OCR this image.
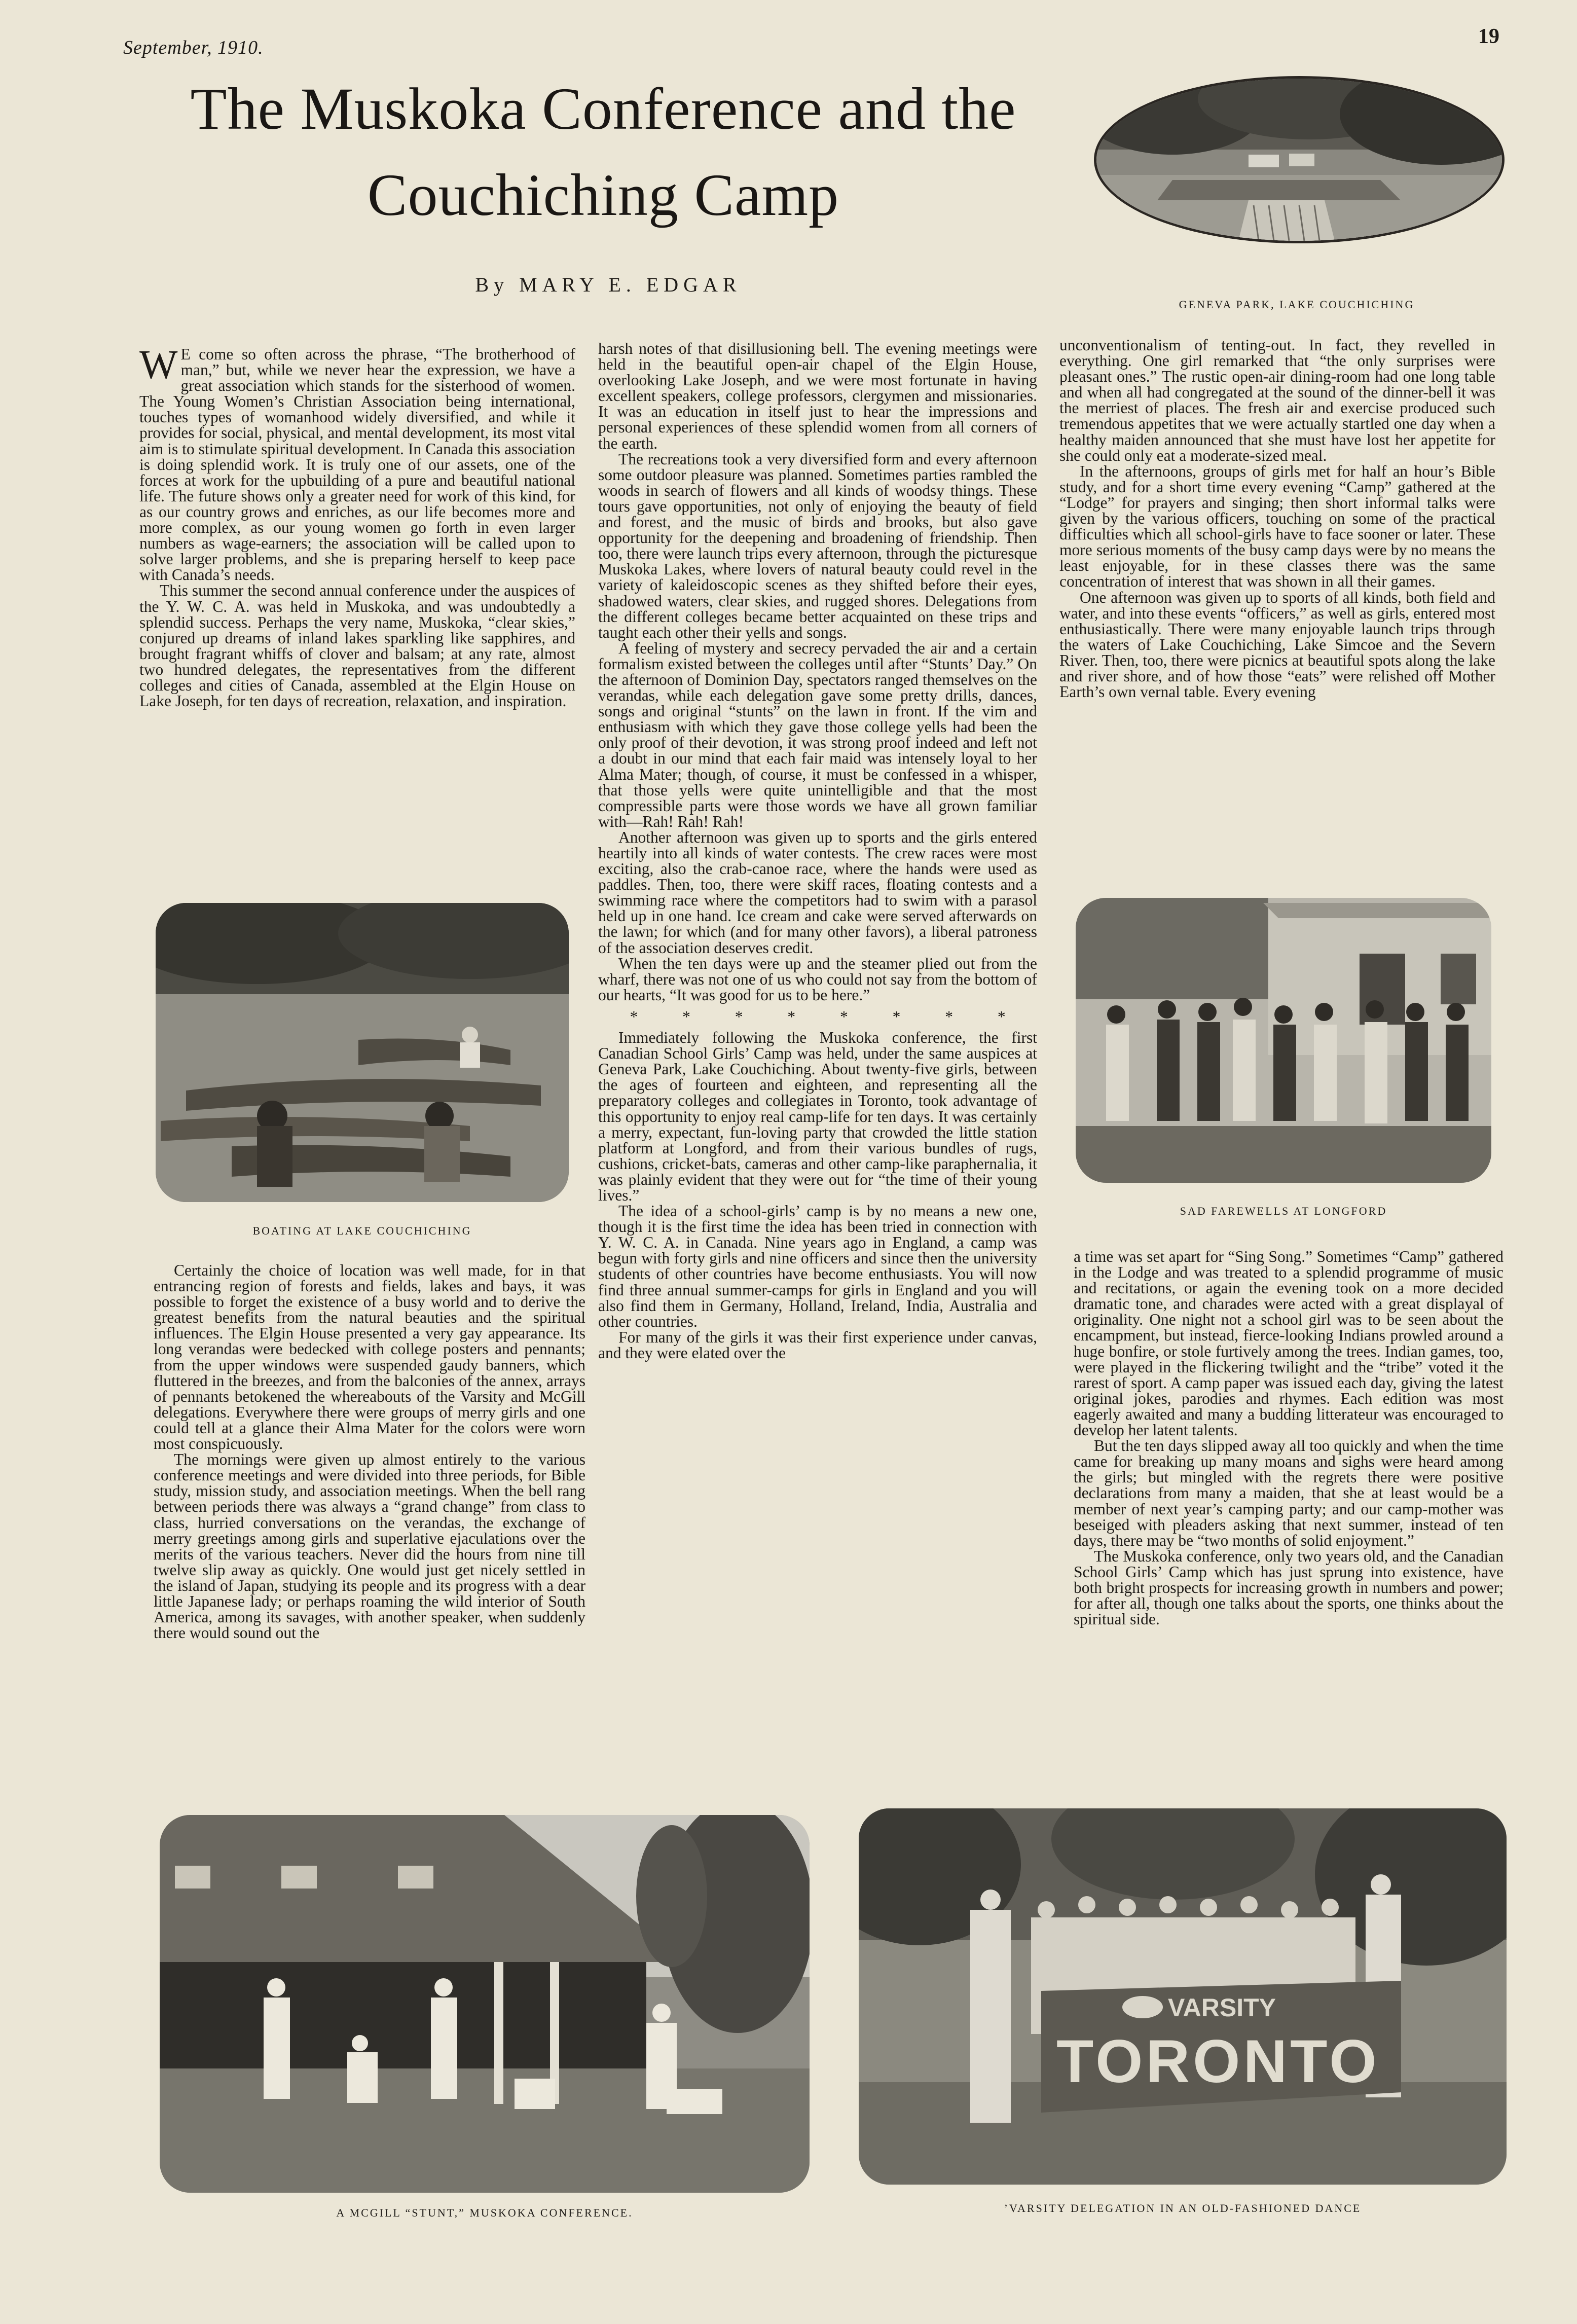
September, 1910.	19
The Muskoka Conference and the
Couchiching Camp
By MARY E. EDGAR
GENEVA PARK, LAKE COUCHICHING

W E come so often across the phrase, “The brotherhood of man,” but, while we never hear the expression, we have a great association which stands for the sisterhood of women. The Young Women’s Christian Association being international, touches types of womanhood widely diversified, and while it provides for social, physical, and mental development, its most vital aim is to stimulate spiritual development. In Canada this association is doing splendid work. It is truly one of our assets, one of the forces at work for the upbuilding of a pure and beautiful national life. The future shows only a greater need for work of this kind, for as our country grows and enriches, as our life becomes more and more complex, as our young women go forth in even larger numbers as wage-earners; the association will be called upon to solve larger problems, and she is preparing herself to keep pace with Canada’s needs.

This summer the second annual conference under the auspices of the Y. W. C. A. was held in Muskoka, and was undoubtedly a splendid success. Perhaps the very name, Muskoka, “clear skies,” conjured up dreams of inland lakes sparkling like sapphires, and brought fragrant whiffs of clover and balsam; at any rate, almost two hundred delegates, the representatives from the different colleges and cities of Canada, assembled at the Elgin House on Lake Joseph, for ten days of recreation, relaxation, and inspiration.

BOATING AT LAKE COUCHICHING

Certainly the choice of location was well made, for in that entrancing region of forests and fields, lakes and bays, it was possible to forget the existence of a busy world and to derive the greatest benefits from the natural beauties and the spiritual influences. The Elgin House presented a very gay appearance. Its long verandas were bedecked with college posters and pennants; from the upper windows were suspended gaudy banners, which fluttered in the breezes, and from the balconies of the annex, arrays of pennants betokened the whereabouts of the Varsity and McGill delegations. Everywhere there were groups of merry girls and one could tell at a glance their Alma Mater for the colors were worn most conspicuously.

The mornings were given up almost entirely to the various conference meetings and were divided into three periods, for Bible study, mission study, and association meetings. When the bell rang between periods there was always a “grand change” from class to class, hurried conversations on the verandas, the exchange of merry greetings among girls and superlative ejaculations over the merits of the various teachers. Never did the hours from nine till twelve slip away as quickly. One would just get nicely settled in the island of Japan, studying its people and its progress with a dear little Japanese lady; or perhaps roaming the wild interior of South America, among its savages, with another speaker, when suddenly there would sound out the

harsh notes of that disillusioning bell. The evening meetings were held in the beautiful open-air chapel of the Elgin House, overlooking Lake Joseph, and we were most fortunate in having excellent speakers, college professors, clergymen and missionaries. It was an education in itself just to hear the impressions and personal experiences of these splendid women from all corners of the earth.

The recreations took a very diversified form and every afternoon some outdoor pleasure was planned. Sometimes parties rambled the woods in search of flowers and all kinds of woodsy things. These tours gave opportunities, not only of enjoying the beauty of field and forest, and the music of birds and brooks, but also gave opportunity for the deepening and broadening of friendship. Then too, there were launch trips every afternoon, through the picturesque Muskoka Lakes, where lovers of natural beauty could revel in the variety of kaleidoscopic scenes as they shifted before their eyes, shadowed waters, clear skies, and rugged shores. Delegations from the different colleges became better acquainted on these trips and taught each other their yells and songs.

A feeling of mystery and secrecy pervaded the air and a certain formalism existed between the colleges until after “Stunts’ Day.” On the afternoon of Dominion Day, spectators ranged themselves on the verandas, while each delegation gave some pretty drills, dances, songs and original “stunts” on the lawn in front. If the vim and enthusiasm with which they gave those college yells had been the only proof of their devotion, it was strong proof indeed and left not a doubt in our mind that each fair maid was intensely loyal to her Alma Mater; though, of course, it must be confessed in a whisper, that those yells were quite unintelligible and that the most compressible parts were those words we have all grown familiar with—Rah! Rah! Rah!

Another afternoon was given up to sports and the girls entered heartily into all kinds of water contests. The crew races were most exciting, also the crab-canoe race, where the hands were used as paddles. Then, too, there were skiff races, floating contests and a swimming race where the competitors had to swim with a parasol held up in one hand. Ice cream and cake were served afterwards on the lawn; for which (and for many other favors), a liberal patroness of the association deserves credit.

When the ten days were up and the steamer plied out from the wharf, there was not one of us who could not say from the bottom of our hearts, “It was good for us to be here.”

* * * * * * * *

Immediately following the Muskoka conference, the first Canadian School Girls’ Camp was held, under the same auspices at Geneva Park, Lake Couchiching. About twenty-five girls, between the ages of fourteen and eighteen, and representing all the preparatory colleges and collegiates in Toronto, took advantage of this opportunity to enjoy real camp-life for ten days. It was certainly a merry, expectant, fun-loving party that crowded the little station platform at Longford, and from their various bundles of rugs, cushions, cricket-bats, cameras and other camp-like paraphernalia, it was plainly evident that they were out for “the time of their young lives.”

The idea of a school-girls’ camp is by no means a new one, though it is the first time the idea has been tried in connection with Y. W. C. A. in Canada. Nine years ago in England, a camp was begun with forty girls and nine officers and since then the university students of other countries have become enthusiasts. You will now find three annual summer-camps for girls in England and you will also find them in Germany, Holland, Ireland, India, Australia and other countries.

For many of the girls it was their first experience under canvas, and they were elated over the

unconventionalism of tenting-out. In fact, they revelled in everything. One girl remarked that “the only surprises were pleasant ones.” The rustic open-air dining-room had one long table and when all had congregated at the sound of the dinner-bell it was the merriest of places. The fresh air and exercise produced such tremendous appetites that we were actually startled one day when a healthy maiden announced that she must have lost her appetite for she could only eat a moderate-sized meal.

In the afternoons, groups of girls met for half an hour’s Bible study, and for a short time every evening “Camp” gathered at the “Lodge” for prayers and singing; then short informal talks were given by the various officers, touching on some of the practical difficulties which all school-girls have to face sooner or later. These more serious moments of the busy camp days were by no means the least enjoyable, for in these classes there was the same concentration of interest that was shown in all their games.

One afternoon was given up to sports of all kinds, both field and water, and into these events “officers,” as well as girls, entered most enthusiastically. There were many enjoyable launch trips through the waters of Lake Couchiching, Lake Simcoe and the Severn River. Then, too, there were picnics at beautiful spots along the lake and river shore, and of how those “eats” were relished off Mother Earth’s own vernal table. Every evening

SAD FAREWELLS AT LONGFORD

a time was set apart for “Sing Song.” Sometimes “Camp” gathered in the Lodge and was treated to a splendid programme of music and recitations, or again the evening took on a more decided dramatic tone, and charades were acted with a great displayal of originality. One night not a school girl was to be seen about the encampment, but instead, fierce-looking Indians prowled around a huge bonfire, or stole furtively among the trees. Indian games, too, were played in the flickering twilight and the “tribe” voted it the rarest of sport. A camp paper was issued each day, giving the latest original jokes, parodies and rhymes. Each edition was most eagerly awaited and many a budding litterateur was encouraged to develop her latent talents.

But the ten days slipped away all too quickly and when the time came for breaking up many moans and sighs were heard among the girls; but mingled with the regrets there were positive declarations from many a maiden, that she at least would be a member of next year’s camping party; and our camp-mother was beseiged with pleaders asking that next summer, instead of ten days, there may be “two months of solid enjoyment.”

The Muskoka conference, only two years old, and the Canadian School Girls’ Camp which has just sprung into existence, have both bright prospects for increasing growth in numbers and power; for after all, though one talks about the sports, one thinks about the spiritual side.

A MCGILL “STUNT,” MUSKOKA CONFERENCE.
VARSITY
TORONTO
’VARSITY DELEGATION IN AN OLD-FASHIONED DANCE
